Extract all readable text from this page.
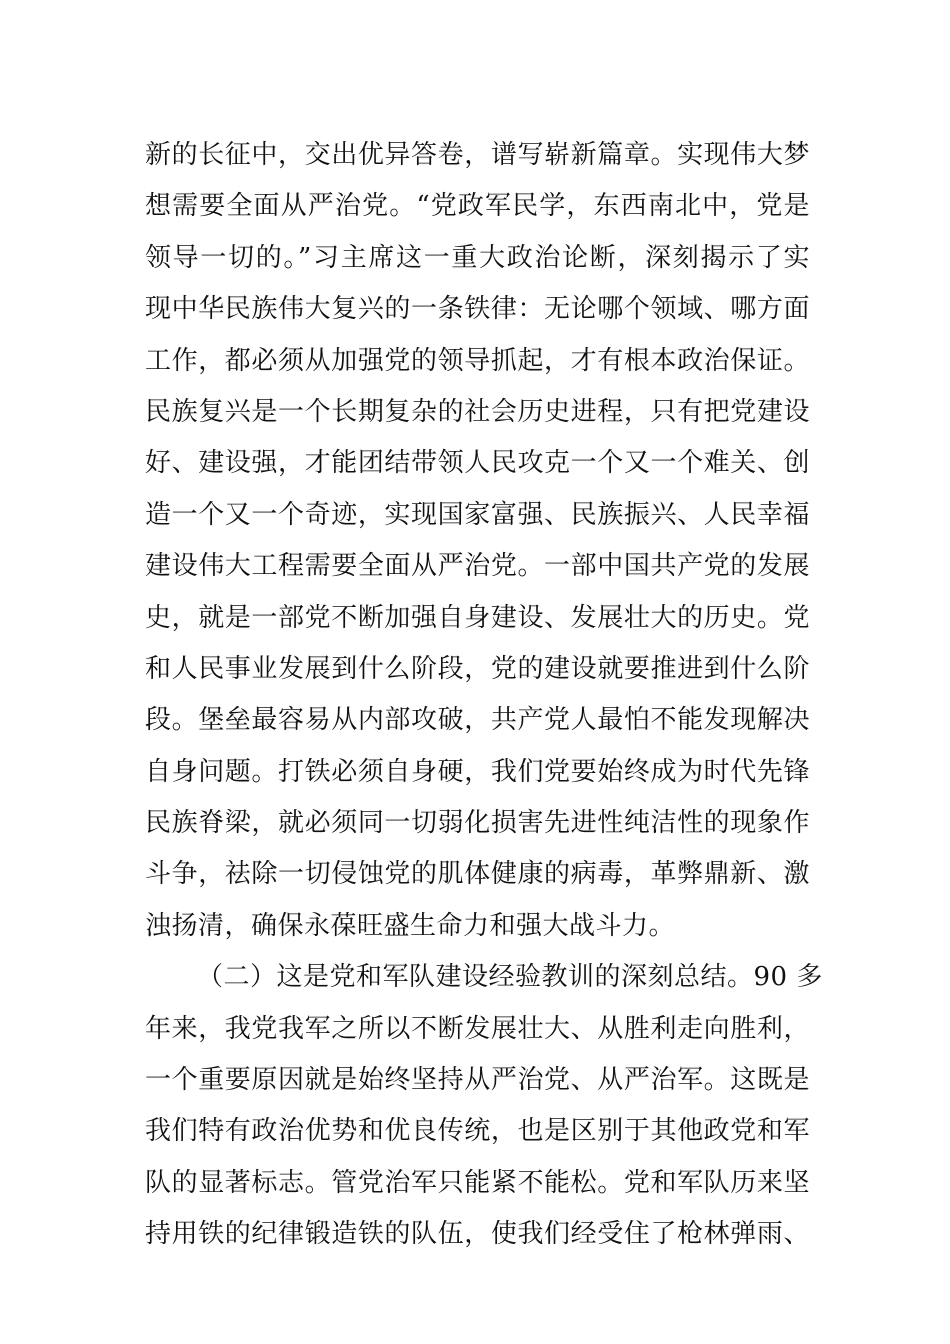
新的长征中，交出优异答卷，谱写崭新篇章。实现伟大梦
想需要全面从严治党。“党政军民学，东西南北中，党是
领导一切的。”习主席这一重大政治论断，深刻揭示了实
现中华民族伟大复兴的一条铁律：无论哪个领域、哪方面
工作，都必须从加强党的领导抓起，才有根本政治保证。
民族复兴是一个长期复杂的社会历史进程，只有把党建设
好、建设强，才能团结带领人民攻克一个又一个难关、创
造一个又一个奇迹，实现国家富强、民族振兴、人民幸福
建设伟大工程需要全面从严治党。一部中国共产党的发展
史，就是一部党不断加强自身建设、发展壮大的历史。党
和人民事业发展到什么阶段，党的建设就要推进到什么阶
段。堡垒最容易从内部攻破，共产党人最怕不能发现解决
自身问题。打铁必须自身硬，我们党要始终成为时代先锋
民族脊梁，就必须同一切弱化损害先进性纯洁性的现象作
斗争，祛除一切侵蚀党的肌体健康的病毒，革弊鼎新、激
浊扬清，确保永葆旺盛生命力和强大战斗力。
（二）这是党和军队建设经验教训的深刻总结。90 多
年来，我党我军之所以不断发展壮大、从胜利走向胜利，
一个重要原因就是始终坚持从严治党、从严治军。这既是
我们特有政治优势和优良传统，也是区别于其他政党和军
队的显著标志。管党治军只能紧不能松。党和军队历来坚
持用铁的纪律锻造铁的队伍，使我们经受住了枪林弹雨、
